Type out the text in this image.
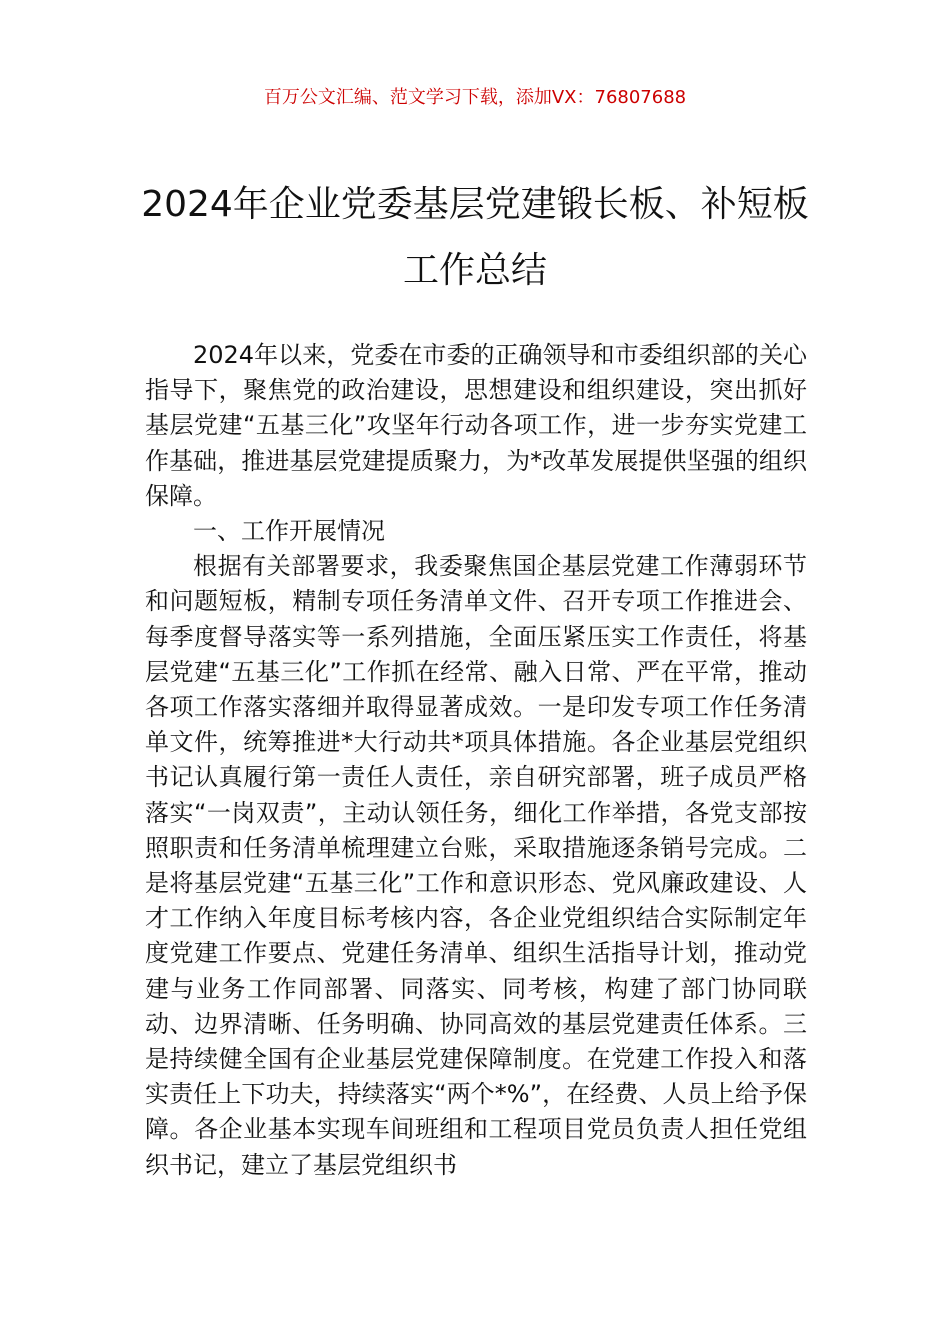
百万公文汇编、范文学习下载，添加VX：76807688
2024年企业党委基层党建锻长板、补短板
工作总结

2024年以来，党委在市委的正确领导和市委组织部的关心指导下，聚焦党的政治建设，思想建设和组织建设，突出抓好基层党建“五基三化”攻坚年行动各项工作，进一步夯实党建工作基础，推进基层党建提质聚力，为*改革发展提供坚强的组织保障。

一、工作开展情况

根据有关部署要求，我委聚焦国企基层党建工作薄弱环节和问题短板，精制专项任务清单文件、召开专项工作推进会、每季度督导落实等一系列措施，全面压紧压实工作责任，将基层党建“五基三化”工作抓在经常、融入日常、严在平常，推动各项工作落实落细并取得显著成效。一是印发专项工作任务清单文件，统筹推进*大行动共*项具体措施。各企业基层党组织书记认真履行第一责任人责任，亲自研究部署，班子成员严格落实“一岗双责”，主动认领任务，细化工作举措，各党支部按照职责和任务清单梳理建立台账，采取措施逐条销号完成。二是将基层党建“五基三化”工作和意识形态、党风廉政建设、人才工作纳入年度目标考核内容，各企业党组织结合实际制定年度党建工作要点、党建任务清单、组织生活指导计划，推动党建与业务工作同部署、同落实、同考核，构建了部门协同联动、边界清晰、任务明确、协同高效的基层党建责任体系。三是持续健全国有企业基层党建保障制度。在党建工作投入和落实责任上下功夫，持续落实“两个*%”，在经费、人员上给予保障。各企业基本实现车间班组和工程项目党员负责人担任党组织书记，建立了基层党组织书
